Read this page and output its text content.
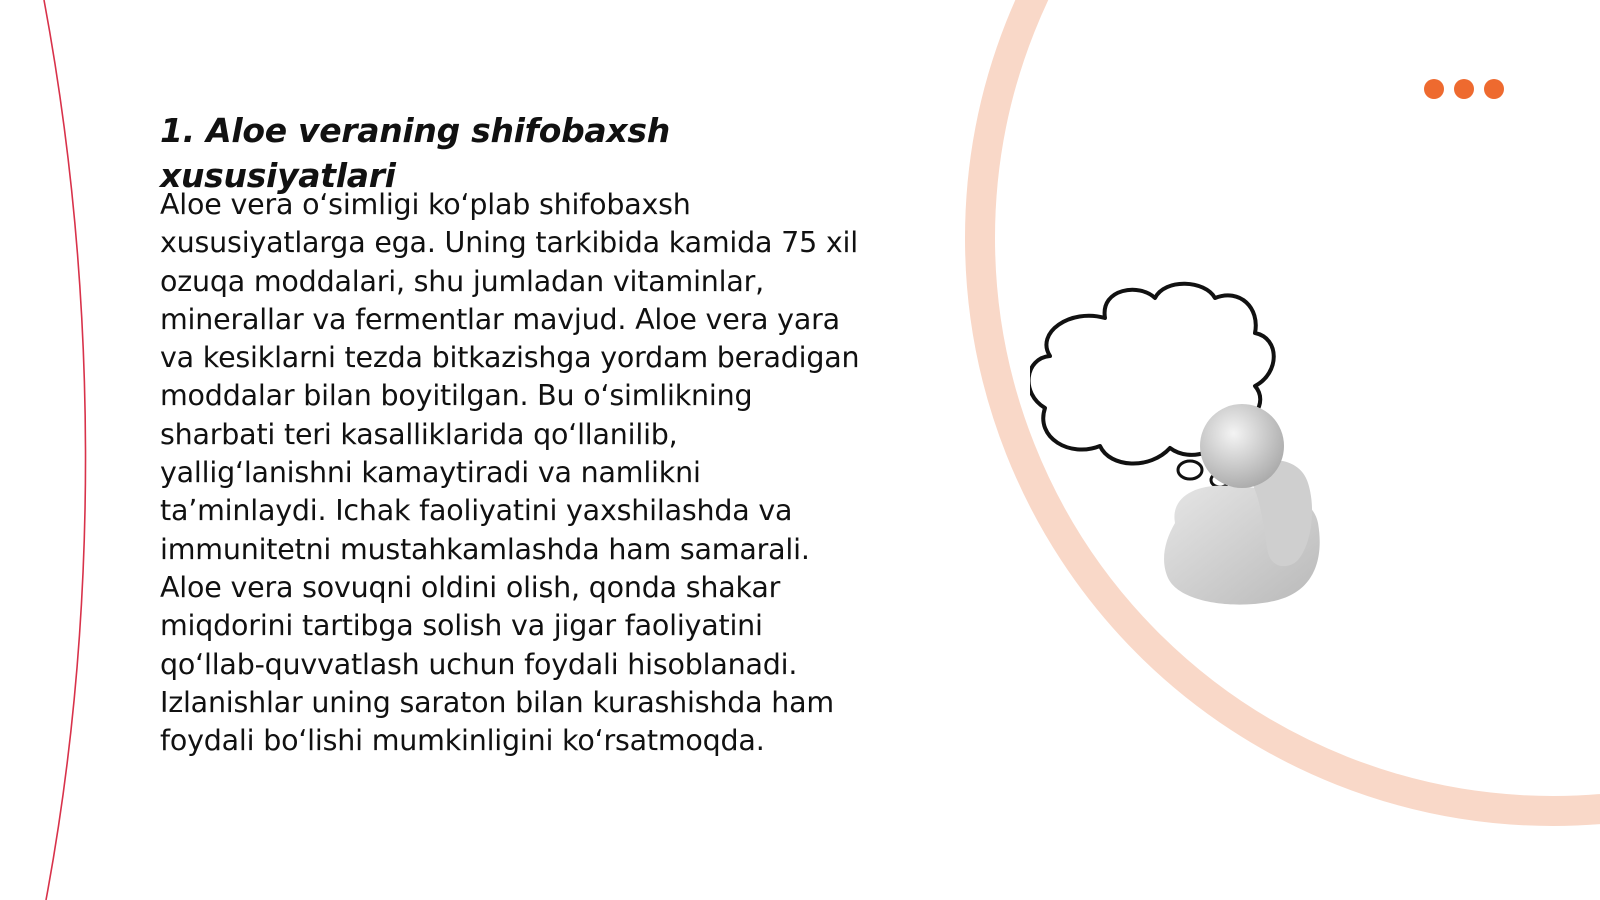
1. Aloe veraning shifobaxsh xususiyatlari

Aloe vera oʻsimligi koʻplab shifobaxsh xususiyatlarga ega. Uning tarkibida kamida 75 xil ozuqa moddalari, shu jumladan vitaminlar, minerallar va fermentlar mavjud. Aloe vera yara va kesiklarni tezda bitkazishga yordam beradigan moddalar bilan boyitilgan. Bu oʻsimlikning sharbati teri kasalliklarida qoʻllanilib, yalligʻlanishni kamaytiradi va namlikni taʼminlaydi. Ichak faoliyatini yaxshilashda va immunitetni mustahkamlashda ham samarali. Aloe vera sovuqni oldini olish, qonda shakar miqdorini tartibga solish va jigar faoliyatini qoʻllab-quvvatlash uchun foydali hisoblanadi. Izlanishlar uning saraton bilan kurashishda ham foydali boʻlishi mumkinligini koʻrsatmoqda.
